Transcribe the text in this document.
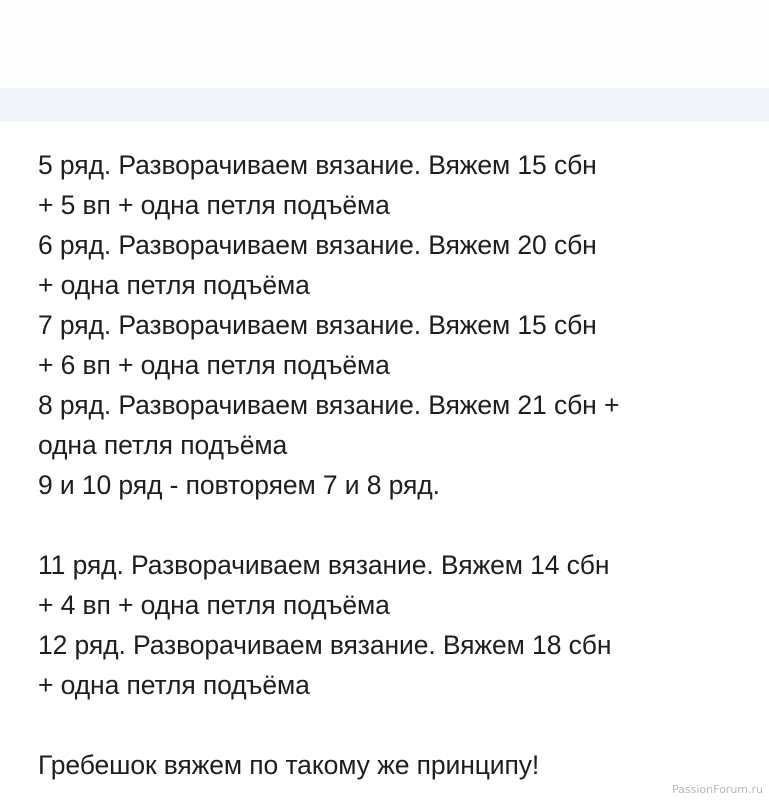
5 ряд. Разворачиваем вязание. Вяжем 15 сбн
+ 5 вп + одна петля подъёма
6 ряд. Разворачиваем вязание. Вяжем 20 сбн
+ одна петля подъёма
7 ряд. Разворачиваем вязание. Вяжем 15 сбн
+ 6 вп + одна петля подъёма
8 ряд. Разворачиваем вязание. Вяжем 21 сбн +
одна петля подъёма
9 и 10 ряд - повторяем 7 и 8 ряд.
11 ряд. Разворачиваем вязание. Вяжем 14 сбн
+ 4 вп + одна петля подъёма
12 ряд. Разворачиваем вязание. Вяжем 18 сбн
+ одна петля подъёма
Гребешок вяжем по такому же принципу!
PassionForum.ru
